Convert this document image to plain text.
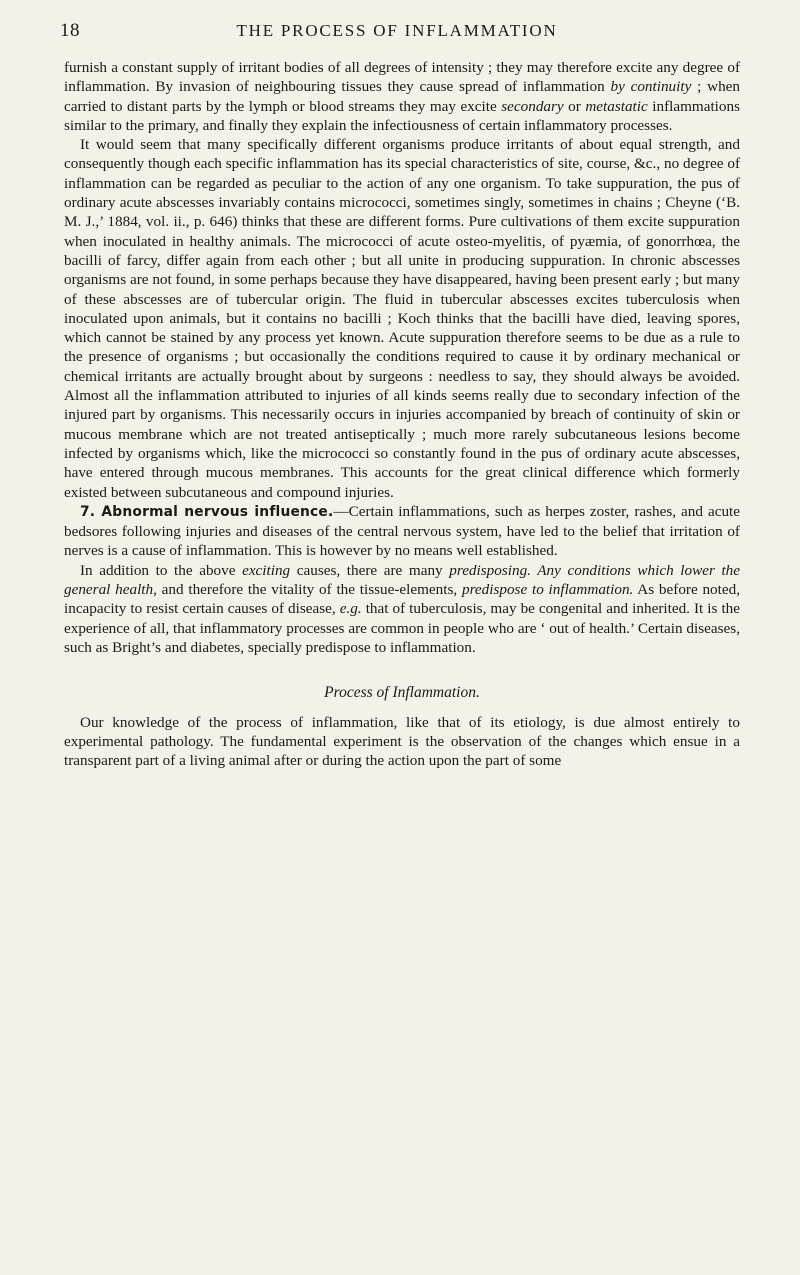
18	THE PROCESS OF INFLAMMATION

furnish a constant supply of irritant bodies of all degrees of intensity ; they may therefore excite any degree of inflammation. By invasion of neighbouring tissues they cause spread of inflammation by continuity ; when carried to distant parts by the lymph or blood streams they may excite secondary or metastatic inflammations similar to the primary, and finally they explain the infectiousness of certain inflammatory processes.

It would seem that many specifically different organisms produce irritants of about equal strength, and consequently though each specific inflammation has its special characteristics of site, course, &c., no degree of inflammation can be regarded as peculiar to the action of any one organism. To take suppuration, the pus of ordinary acute abscesses invariably contains micrococci, sometimes singly, sometimes in chains ; Cheyne (‘B. M. J.,’ 1884, vol. ii., p. 646) thinks that these are different forms. Pure cultivations of them excite suppuration when inoculated in healthy animals. The micrococci of acute osteo-myelitis, of pyæmia, of gonorrhœa, the bacilli of farcy, differ again from each other ; but all unite in producing suppuration. In chronic abscesses organisms are not found, in some perhaps because they have disappeared, having been present early ; but many of these abscesses are of tubercular origin. The fluid in tubercular abscesses excites tuberculosis when inoculated upon animals, but it contains no bacilli ; Koch thinks that the bacilli have died, leaving spores, which cannot be stained by any process yet known. Acute suppuration therefore seems to be due as a rule to the presence of organisms ; but occasionally the conditions required to cause it by ordinary mechanical or chemical irritants are actually brought about by surgeons : needless to say, they should always be avoided. Almost all the inflammation attributed to injuries of all kinds seems really due to secondary infection of the injured part by organisms. This necessarily occurs in injuries accompanied by breach of continuity of skin or mucous membrane which are not treated antiseptically ; much more rarely subcutaneous lesions become infected by organisms which, like the micrococci so constantly found in the pus of ordinary acute abscesses, have entered through mucous membranes. This accounts for the great clinical difference which formerly existed between subcutaneous and compound injuries.

7. Abnormal nervous influence.—Certain inflammations, such as herpes zoster, rashes, and acute bedsores following injuries and diseases of the central nervous system, have led to the belief that irritation of nerves is a cause of inflammation. This is however by no means well established.

In addition to the above exciting causes, there are many predisposing. Any conditions which lower the general health, and therefore the vitality of the tissue-elements, predispose to inflammation. As before noted, incapacity to resist certain causes of disease, e.g. that of tuberculosis, may be congenital and inherited. It is the experience of all, that inflammatory processes are common in people who are ‘ out of health.’ Certain diseases, such as Bright’s and diabetes, specially predispose to inflammation.

Process of Inflammation.

Our knowledge of the process of inflammation, like that of its etiology, is due almost entirely to experimental pathology. The fundamental experiment is the observation of the changes which ensue in a transparent part of a living animal after or during the action upon the part of some
